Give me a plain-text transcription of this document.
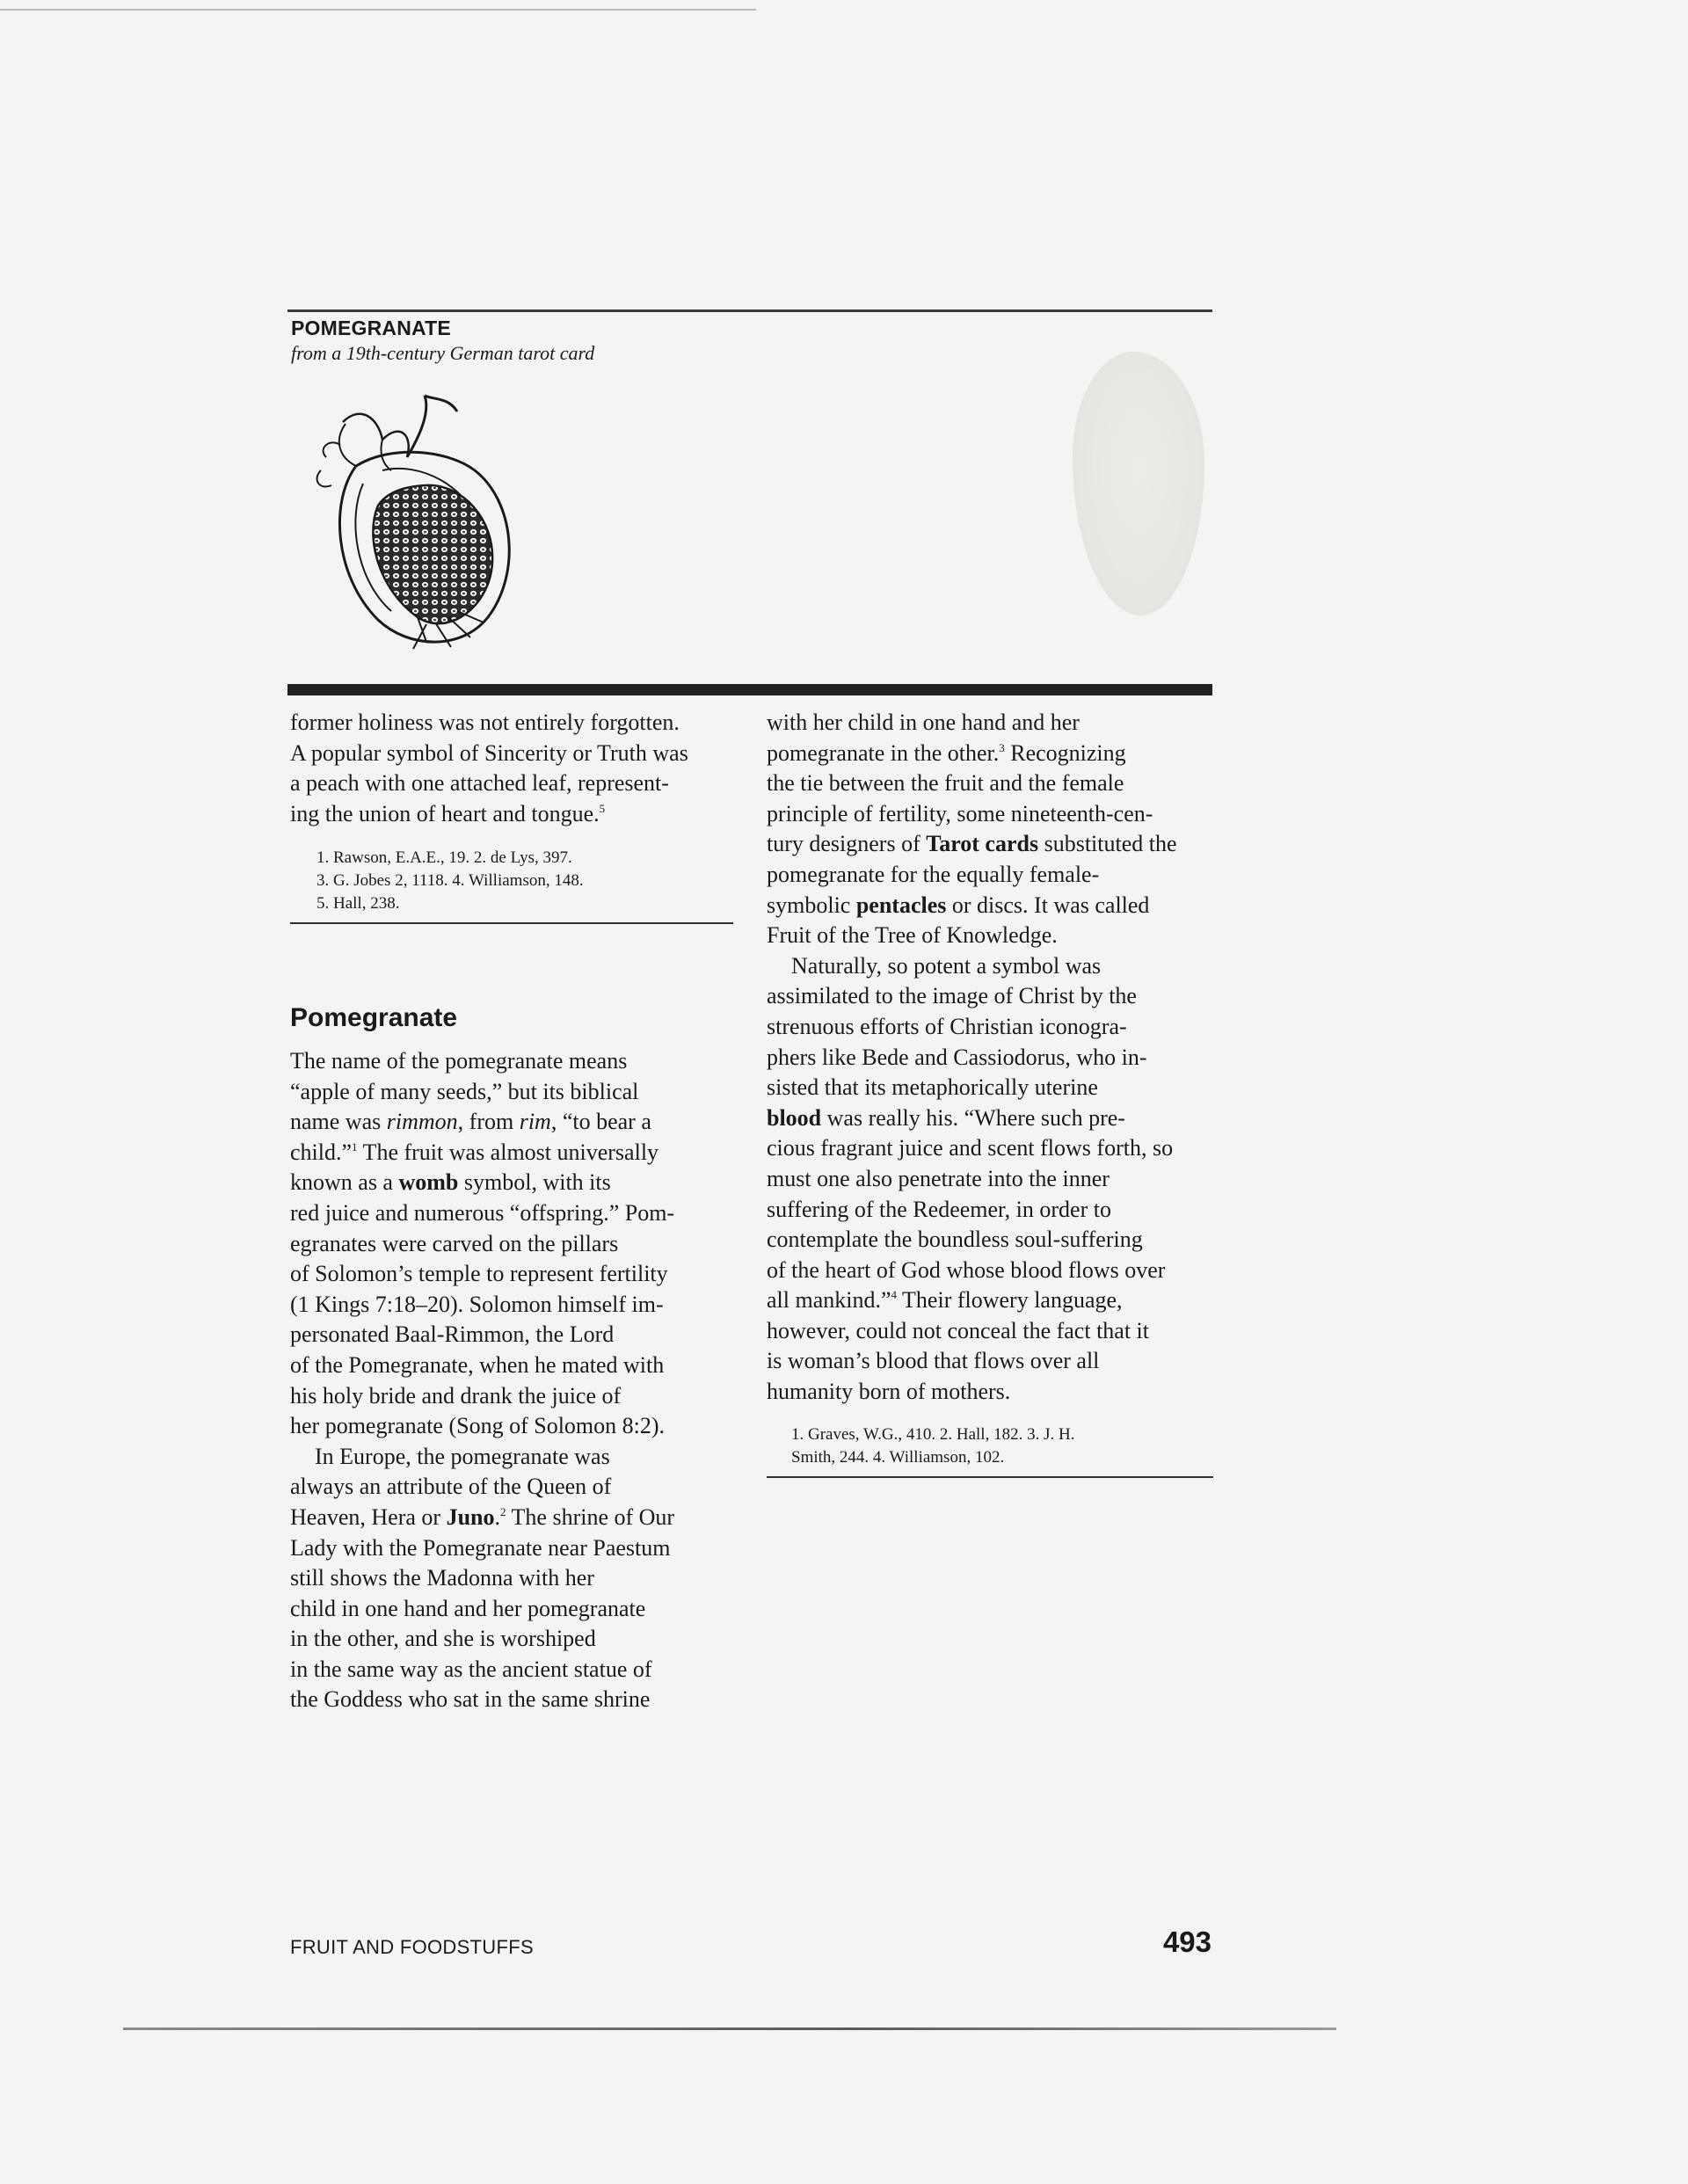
POMEGRANATE
from a 19th-century German tarot card

former holiness was not entirely forgotten.
A popular symbol of Sincerity or Truth was
a peach with one attached leaf, represent-
ing the union of heart and tongue.$^5$

1. Rawson, E.A.E., 19. 2. de Lys, 397.
3. G. Jobes 2, 1118. 4. Williamson, 148.
5. Hall, 238.

Pomegranate

The name of the pomegranate means
“apple of many seeds,” but its biblical
name was rimmon, from rim, “to bear a
child.”$^1$ The fruit was almost universally
known as a womb symbol, with its
red juice and numerous “offspring.” Pom-
egranates were carved on the pillars
of Solomon’s temple to represent fertility
(1 Kings 7:18–20). Solomon himself im-
personated Baal-Rimmon, the Lord
of the Pomegranate, when he mated with
his holy bride and drank the juice of
her pomegranate (Song of Solomon 8:2).

In Europe, the pomegranate was
always an attribute of the Queen of
Heaven, Hera or Juno.$^2$ The shrine of Our
Lady with the Pomegranate near Paestum
still shows the Madonna with her
child in one hand and her pomegranate
in the other, and she is worshiped
in the same way as the ancient statue of
the Goddess who sat in the same shrine

with her child in one hand and her
pomegranate in the other.$^3$ Recognizing
the tie between the fruit and the female
principle of fertility, some nineteenth-cen-
tury designers of Tarot cards substituted the
pomegranate for the equally female-
symbolic pentacles or discs. It was called
Fruit of the Tree of Knowledge.

Naturally, so potent a symbol was
assimilated to the image of Christ by the
strenuous efforts of Christian iconogra-
phers like Bede and Cassiodorus, who in-
sisted that its metaphorically uterine
blood was really his. “Where such pre-
cious fragrant juice and scent flows forth, so
must one also penetrate into the inner
suffering of the Redeemer, in order to
contemplate the boundless soul-suffering
of the heart of God whose blood flows over
all mankind.”$^4$ Their flowery language,
however, could not conceal the fact that it
is woman’s blood that flows over all
humanity born of mothers.

1. Graves, W.G., 410. 2. Hall, 182. 3. J. H.
Smith, 244. 4. Williamson, 102.

FRUIT AND FOODSTUFFS	493
